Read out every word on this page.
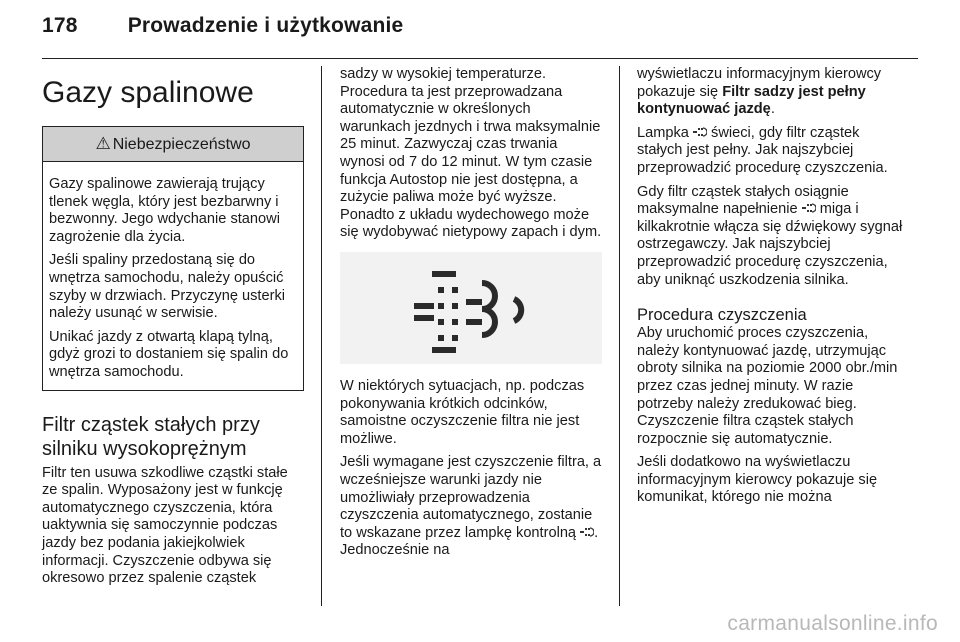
178 Prowadzenie i użytkowanie
Gazy spalinowe
⚠ Niebezpieczeństwo

Gazy spalinowe zawierają trujący tlenek węgla, który jest bezbarwny i bezwonny. Jego wdychanie stanowi zagrożenie dla życia.

Jeśli spaliny przedostaną się do wnętrza samochodu, należy opuścić szyby w drzwiach. Przyczynę usterki należy usunąć w serwisie.

Unikać jazdy z otwartą klapą tylną, gdyż grozi to dostaniem się spalin do wnętrza samochodu.

Filtr cząstek stałych przy silniku wysokoprężnym

Filtr ten usuwa szkodliwe cząstki stałe ze spalin. Wyposażony jest w funkcję automatycznego czyszczenia, która uaktywnia się samoczynnie podczas jazdy bez podania jakiejkolwiek informacji. Czyszczenie odbywa się okresowo przez spalenie cząstek

sadzy w wysokiej temperaturze. Procedura ta jest przeprowadzana automatycznie w określonych warunkach jezdnych i trwa maksymalnie 25 minut. Zazwyczaj czas trwania wynosi od 7 do 12 minut. W tym czasie funkcja Autostop nie jest dostępna, a zużycie paliwa może być wyższe. Ponadto z układu wydechowego może się wydobywać nietypowy zapach i dym.

W niektórych sytuacjach, np. podczas pokonywania krótkich odcinków, samoistne oczyszczenie filtra nie jest możliwe.

Jeśli wymagane jest czyszczenie filtra, a wcześniejsze warunki jazdy nie umożliwiały przeprowadzenia czyszczenia automatycznego, zostanie to wskazane przez lampkę kontrolną . Jednocześnie na

wyświetlaczu informacyjnym kierowcy pokazuje się Filtr sadzy jest pełny kontynuować jazdę.

Lampka  świeci, gdy filtr cząstek stałych jest pełny. Jak najszybciej przeprowadzić procedurę czyszczenia.

Gdy filtr cząstek stałych osiągnie maksymalne napełnienie  miga i kilkakrotnie włącza się dźwiękowy sygnał ostrzegawczy. Jak najszybciej przeprowadzić procedurę czyszczenia, aby uniknąć uszkodzenia silnika.

Procedura czyszczenia

Aby uruchomić proces czyszczenia, należy kontynuować jazdę, utrzymując obroty silnika na poziomie 2000 obr./min przez czas jednej minuty. W razie potrzeby należy zredukować bieg. Czyszczenie filtra cząstek stałych rozpocznie się automatycznie.

Jeśli dodatkowo na wyświetlaczu informacyjnym kierowcy pokazuje się komunikat, którego nie można

carmanualsonline.info
